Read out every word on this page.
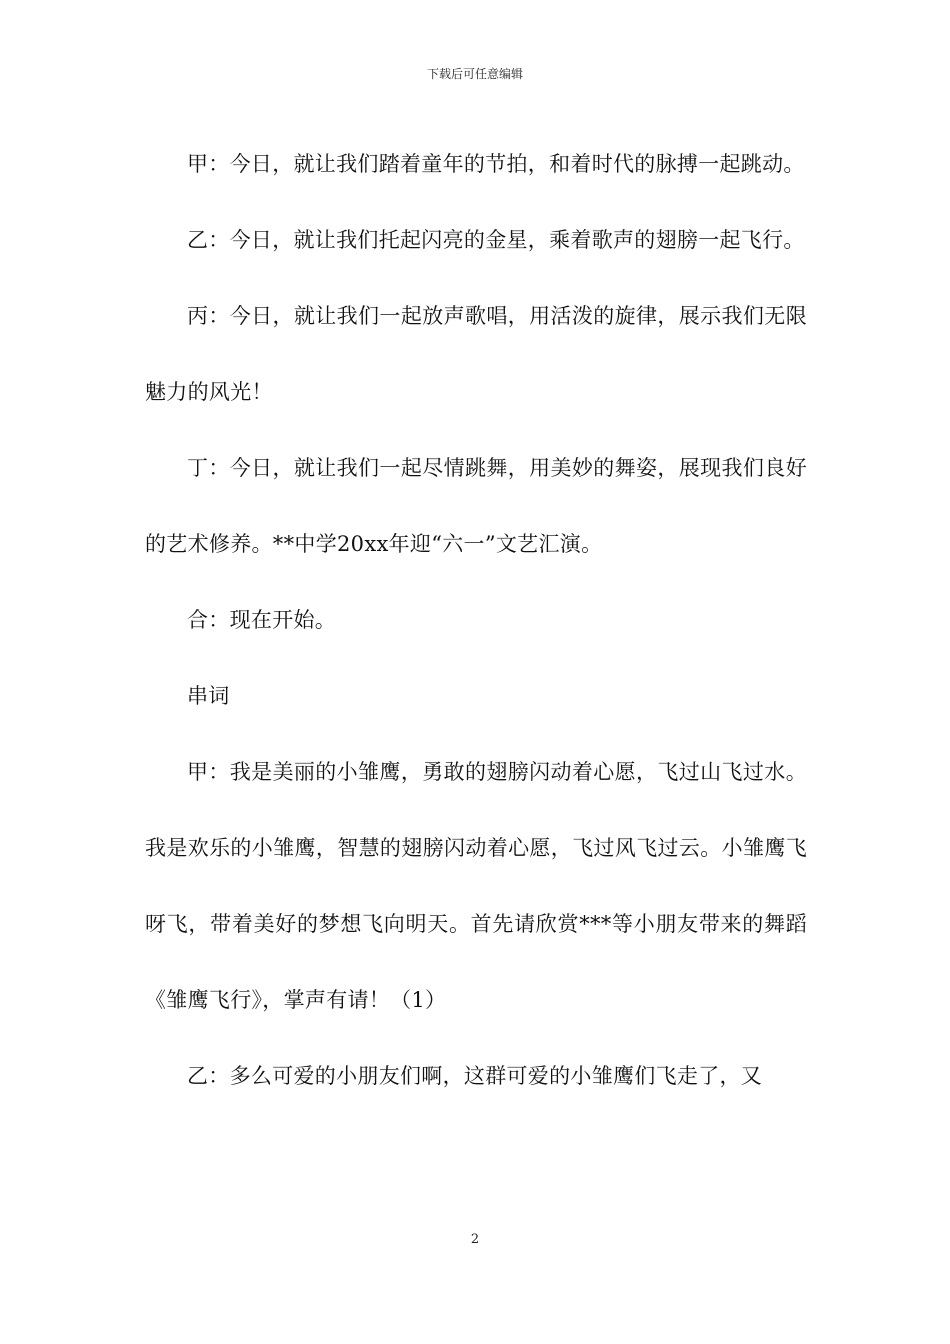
下载后可任意编辑

甲：今日，就让我们踏着童年的节拍，和着时代的脉搏一起跳动。

乙：今日，就让我们托起闪亮的金星，乘着歌声的翅膀一起飞行。

丙：今日，就让我们一起放声歌唱，用活泼的旋律，展示我们无限魅力的风光！

丁：今日，就让我们一起尽情跳舞，用美妙的舞姿，展现我们良好的艺术修养。**中学20xx年迎“六一”文艺汇演。

合：现在开始。

串词

甲：我是美丽的小雏鹰，勇敢的翅膀闪动着心愿，飞过山飞过水。我是欢乐的小雏鹰，智慧的翅膀闪动着心愿，飞过风飞过云。小雏鹰飞呀飞，带着美好的梦想飞向明天。首先请欣赏***等小朋友带来的舞蹈《雏鹰飞行》，掌声有请！（1）

乙：多么可爱的小朋友们啊，这群可爱的小雏鹰们飞走了，又

2
